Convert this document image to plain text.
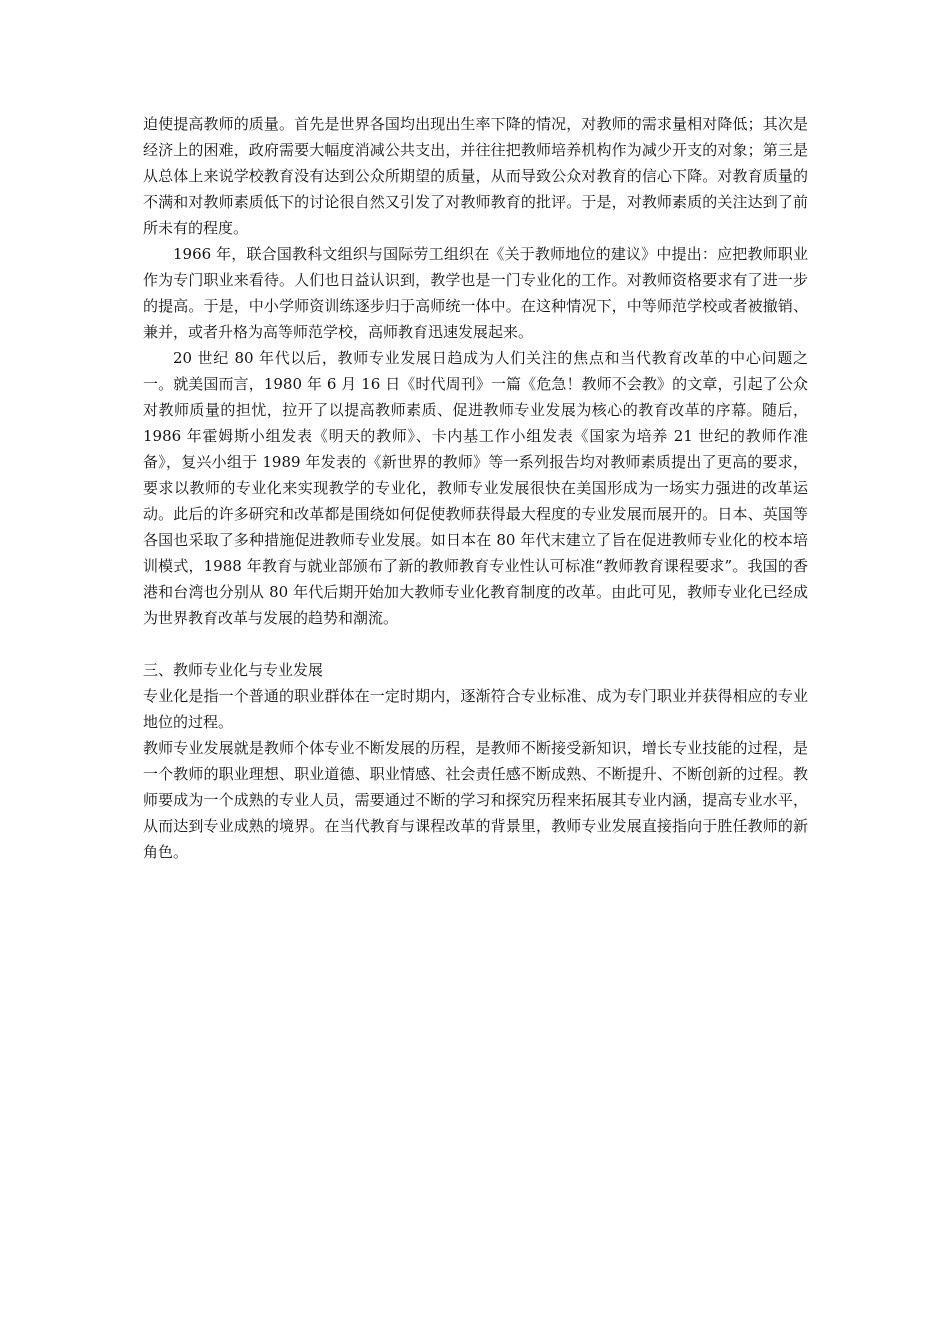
迫使提高教师的质量。首先是世界各国均出现出生率下降的情况，对教师的需求量相对降低；其次是经济上的困难，政府需要大幅度消减公共支出，并往往把教师培养机构作为减少开支的对象；第三是从总体上来说学校教育没有达到公众所期望的质量，从而导致公众对教育的信心下降。对教育质量的不满和对教师素质低下的讨论很自然又引发了对教师教育的批评。于是，对教师素质的关注达到了前所未有的程度。

1966 年，联合国教科文组织与国际劳工组织在《关于教师地位的建议》中提出：应把教师职业作为专门职业来看待。人们也日益认识到，教学也是一门专业化的工作。对教师资格要求有了进一步的提高。于是，中小学师资训练逐步归于高师统一体中。在这种情况下，中等师范学校或者被撤销、兼并，或者升格为高等师范学校，高师教育迅速发展起来。

20 世纪 80 年代以后，教师专业发展日趋成为人们关注的焦点和当代教育改革的中心问题之一。就美国而言，1980 年 6 月 16 日《时代周刊》一篇《危急！教师不会教》的文章，引起了公众对教师质量的担忧，拉开了以提高教师素质、促进教师专业发展为核心的教育改革的序幕。随后，1986 年霍姆斯小组发表《明天的教师》、卡内基工作小组发表《国家为培养 21 世纪的教师作准备》，复兴小组于 1989 年发表的《新世界的教师》等一系列报告均对教师素质提出了更高的要求，要求以教师的专业化来实现教学的专业化，教师专业发展很快在美国形成为一场实力强进的改革运动。此后的许多研究和改革都是围绕如何促使教师获得最大程度的专业发展而展开的。日本、英国等各国也采取了多种措施促进教师专业发展。如日本在 80 年代末建立了旨在促进教师专业化的校本培训模式，1988 年教育与就业部颁布了新的教师教育专业性认可标准“教师教育课程要求”。我国的香港和台湾也分别从 80 年代后期开始加大教师专业化教育制度的改革。由此可见，教师专业化已经成为世界教育改革与发展的趋势和潮流。

三、教师专业化与专业发展

专业化是指一个普通的职业群体在一定时期内，逐渐符合专业标准、成为专门职业并获得相应的专业地位的过程。

教师专业发展就是教师个体专业不断发展的历程，是教师不断接受新知识，增长专业技能的过程，是一个教师的职业理想、职业道德、职业情感、社会责任感不断成熟、不断提升、不断创新的过程。教师要成为一个成熟的专业人员，需要通过不断的学习和探究历程来拓展其专业内涵，提高专业水平，从而达到专业成熟的境界。在当代教育与课程改革的背景里，教师专业发展直接指向于胜任教师的新角色。
